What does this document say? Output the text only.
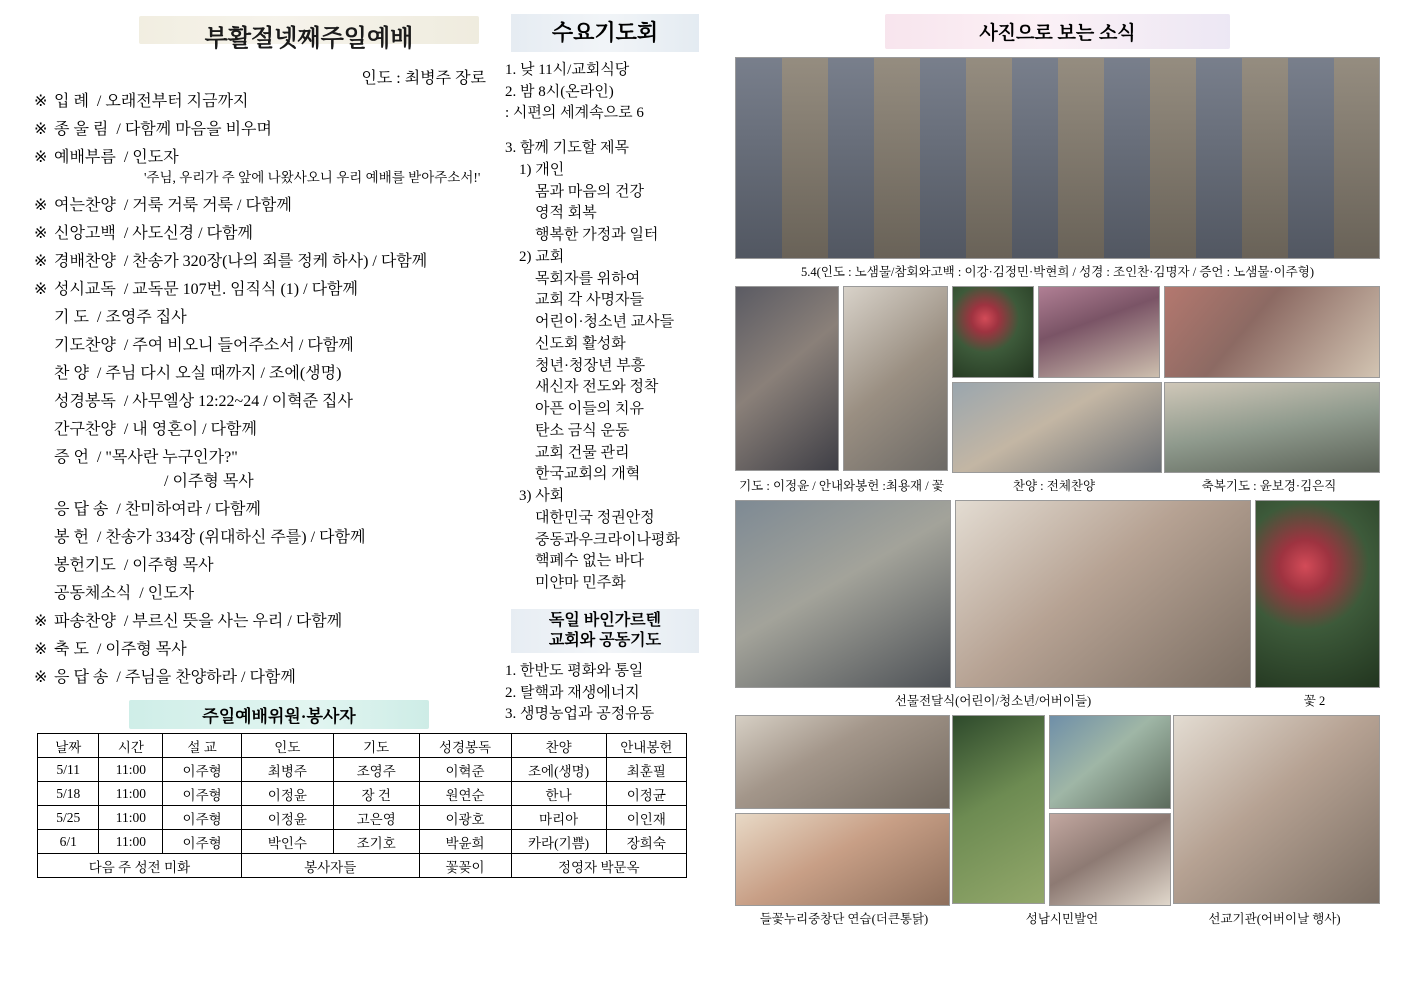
부활절넷째주일예배
인도 : 최병주 장로
※ 입 례  / 오래전부터 지금까지
※ 종 울 림  / 다함께 마음을 비우며
※ 예배부름  / 인도자
'주님, 우리가 주 앞에 나왔사오니 우리 예배를 받아주소서!'
※ 여는찬양  / 거룩 거룩 거룩 / 다함께
※ 신앙고백  / 사도신경 / 다함께
※ 경배찬양  / 찬송가 320장(나의 죄를 정케 하사) / 다함께
※ 성시교독  / 교독문 107번. 임직식 (1) / 다함께
기 도  / 조영주 집사
기도찬양  / 주여 비오니 들어주소서 / 다함께
찬 양  / 주님 다시 오실 때까지 / 조에(생명)
성경봉독  / 사무엘상 12:22~24 / 이혁준 집사
간구찬양  / 내 영혼이 / 다함께
증 언  / "목사란 누구인가?"
/ 이주형 목사
응 답 송  / 찬미하여라 / 다함께
봉 헌  / 찬송가 334장 (위대하신 주를) / 다함께
봉헌기도  / 이주형 목사
공동체소식  / 인도자
※ 파송찬양  / 부르신 뜻을 사는 우리 / 다함께
※ 축 도  / 이주형 목사
※ 응 답 송  / 주님을 찬양하라 / 다함께
주일예배위원·봉사자
날짜	시간	설 교	인도	기도	성경봉독	찬양	안내봉헌
5/11	11:00	이주형	최병주	조영주	이혁준	조에(생명)	최훈필
5/18	11:00	이주형	이정윤	장 건	원연순	한나	이정균
5/25	11:00	이주형	이정윤	고은영	이광호	마리아	이인재
6/1	11:00	이주형	박인수	조기호	박윤희	카라(기쁨)	장희숙
다음 주 성전 미화			봉사자들		꽃꽂이	정영자 박문옥	
수요기도회
1. 낮 11시/교회식당
2. 밤 8시(온라인)
: 시편의 세계속으로 6
3. 함께 기도할 제목
1) 개인
몸과 마음의 건강
영적 회복
행복한 가정과 일터
2) 교회
목회자를 위하여
교회 각 사명자들
어린이·청소년 교사들
신도회 활성화
청년·청장년 부흥
새신자 전도와 정착
아픈 이들의 치유
탄소 금식 운동
교회 건물 관리
한국교회의 개혁
3) 사회
대한민국 정권안정
중동과우크라이나평화
핵폐수 없는 바다
미얀마 민주화
독일 바인가르텐
교회와 공동기도
1. 한반도 평화와 통일
2. 탈핵과 재생에너지
3. 생명농업과 공정유동
사진으로 보는 소식
5.4(인도 : 노샘물/참회와고백 : 이강·김정민·박현희 / 성경 : 조인찬·김명자 / 증언 : 노샘물·이주형)
기도 : 이정윤 / 안내와봉헌 :최용재 / 꽃	찬양 : 전체찬양	축복기도 : 윤보경·김은직
선물전달식(어린이/청소년/어버이들)	꽃 2
들꽃누리중창단 연습(더큰통닭)	성남시민발언	선교기관(어버이날 행사)
